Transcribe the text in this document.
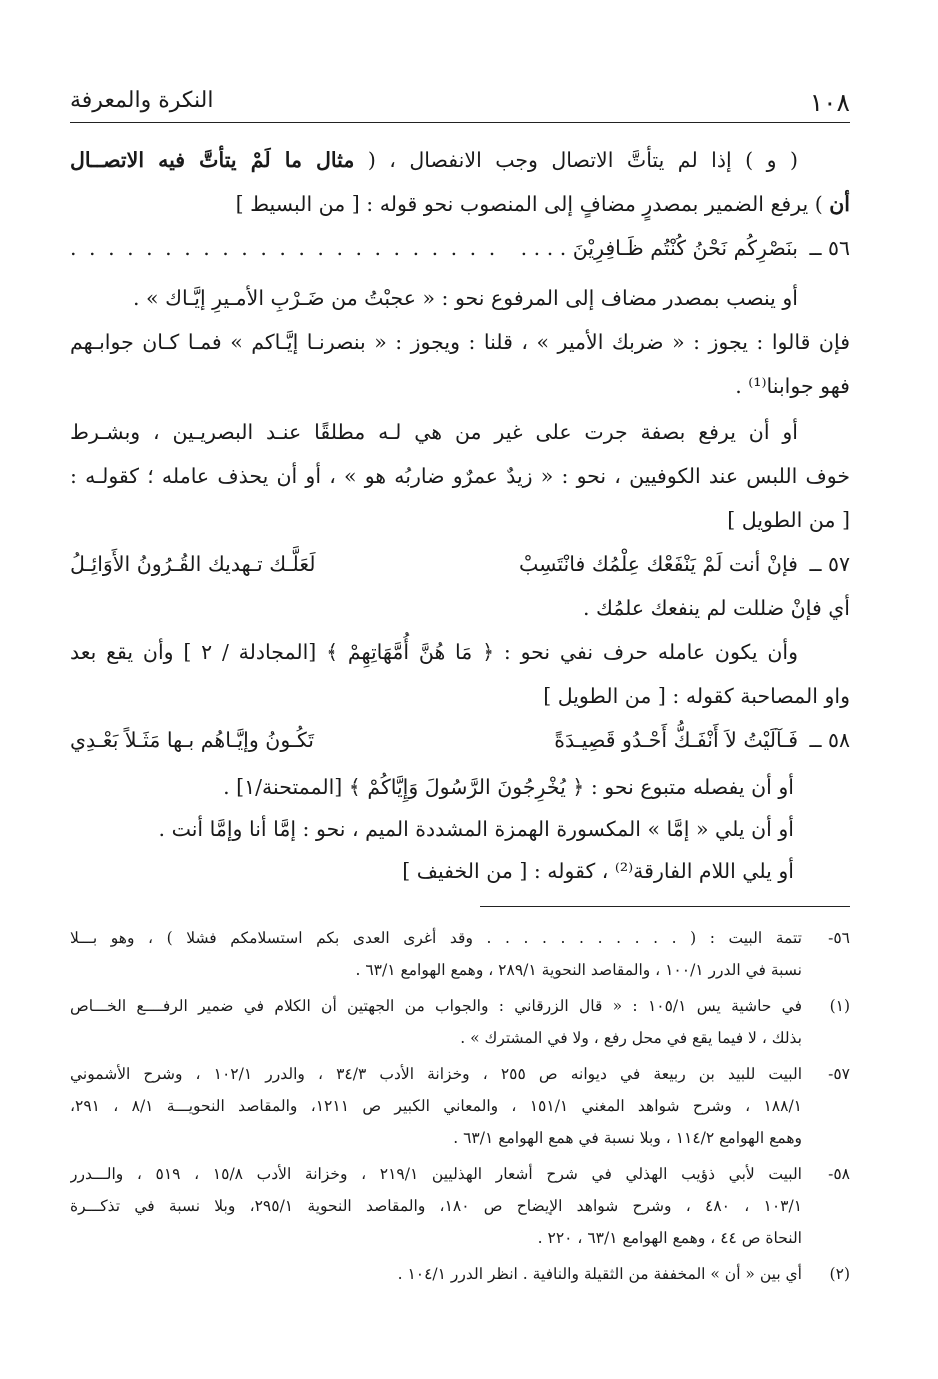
١٠٨
النكرة والمعرفة
( و ) إذا لم يتأتَّ الاتصال وجب الانفصال ، ( مثال ما لَمْ يتأتَّ فيه الاتصــال
أن ) يرفع الضمير بمصدرٍ مضافٍ إلى المنصوب نحو قوله : [ من البسيط ]
٥٦ ــ
بنَصْرِكُم نَحْنُ كُنْتُم ظَـافِرِيْنَ . . . .
. . . . . . . . . . . . . . . . . . . . . . .
أو ينصب بمصدر مضاف إلى المرفوع نحو : « عجبْتُ من ضَـرْبِ الأمـيرِ إيَّـاك » .
فإن قالوا : يجوز : « ضربك الأمير » ، قلنا : ويجوز : « بنصرنـا إيَّـاكم » فمـا كـان جوابـهم
فهو جوابنا⁽¹⁾ .
أو أن يرفع بصفة جرت على غير من هي لـه مطلقًا عنـد البصريـين ، وبشـرط
خوف اللبس عند الكوفيين ، نحو : « زيدٌ عمرٌو ضاربُه هو » ، أو أن يحذف عامله ؛ كقولـه :
[ من الطويل ]
٥٧ ــ
فإنْ أنت لَمْ يَنْفَعْك عِلْمُك فانْتَسِبْ
لَعَلَّـك تـهديك القُـرُونُ الأَوَائِـلُ
أي فإنْ ضللت لم ينفعك علمُك .
وأن يكون عامله حرف نفي نحو : ﴿ مَا هُنَّ أُمَّهَاتِهِمْ ﴾ [المجادلة / ٢ ] وأن يقع بعد
واو المصاحبة كقوله : [ من الطويل ]
٥٨ ــ
فَـآلَيْتُ لاَ أَنْفَـكُّ أَحْـدُو قَصِيـدَةً
تَكُـونُ وإيَّـاهُم بـها مَثَـلاً بَعْـدِي
أو أن يفصله متبوع نحو : ﴿ يُخْرِجُونَ الرَّسُولَ وَإِيَّاكُمْ ﴾ [الممتحنة/١] .
أو أن يلي « إمَّا » المكسورة الهمزة المشددة الميم ، نحو : إمَّا أنا وإمَّا أنت .
أو يلي اللام الفارقة⁽²⁾ ، كقوله : [ من الخفيف ]
٥٦-تتمة البيت : ( . . . . . . . . . . . وقد أغرى العدى بكم استسلامكم فشلا ) ، وهو بـــلا
نسبة في الدرر ١٠٠/١ ، والمقاصد النحوية ٢٨٩/١ ، وهمع الهوامع ٦٣/١ .
(١)في حاشية يس ١٠٥/١ : « قال الزرقاني : والجواب من الجهتين أن الكلام في ضمير الرفــــع الخـــاص
بذلك ، لا فيما يقع في محل رفع ، ولا في المشترك » .
٥٧-البيت للبيد بن ربيعة في ديوانه ص ٢٥٥ ، وخزانة الأدب ٣٤/٣ ، والدرر ١٠٢/١ ، وشرح الأشموني
١٨٨/١ ، وشرح شواهد المغني ١٥١/١ ، والمعاني الكبير ص ١٢١١، والمقاصد النحويـــة ٨/١ ، ٢٩١،
وهمع الهوامع ١١٤/٢ ، وبلا نسبة في همع الهوامع ٦٣/١ .
٥٨-البيت لأبي ذؤيب الهذلي في شرح أشعار الهذليين ٢١٩/١ ، وخزانة الأدب ١٥/٨ ، ٥١٩ ، والـــدرر
١٠٣/١ ، ٤٨٠ ، وشرح شواهد الإيضاح ص ١٨٠، والمقاصد النحوية ٢٩٥/١، وبلا نسبة في تذكـــرة
النحاة ص ٤٤ ، وهمع الهوامع ٦٣/١ ، ٢٢٠ .
(٢)أي بين « أن » المخففة من الثقيلة والنافية . انظر الدرر ١٠٤/١ .
